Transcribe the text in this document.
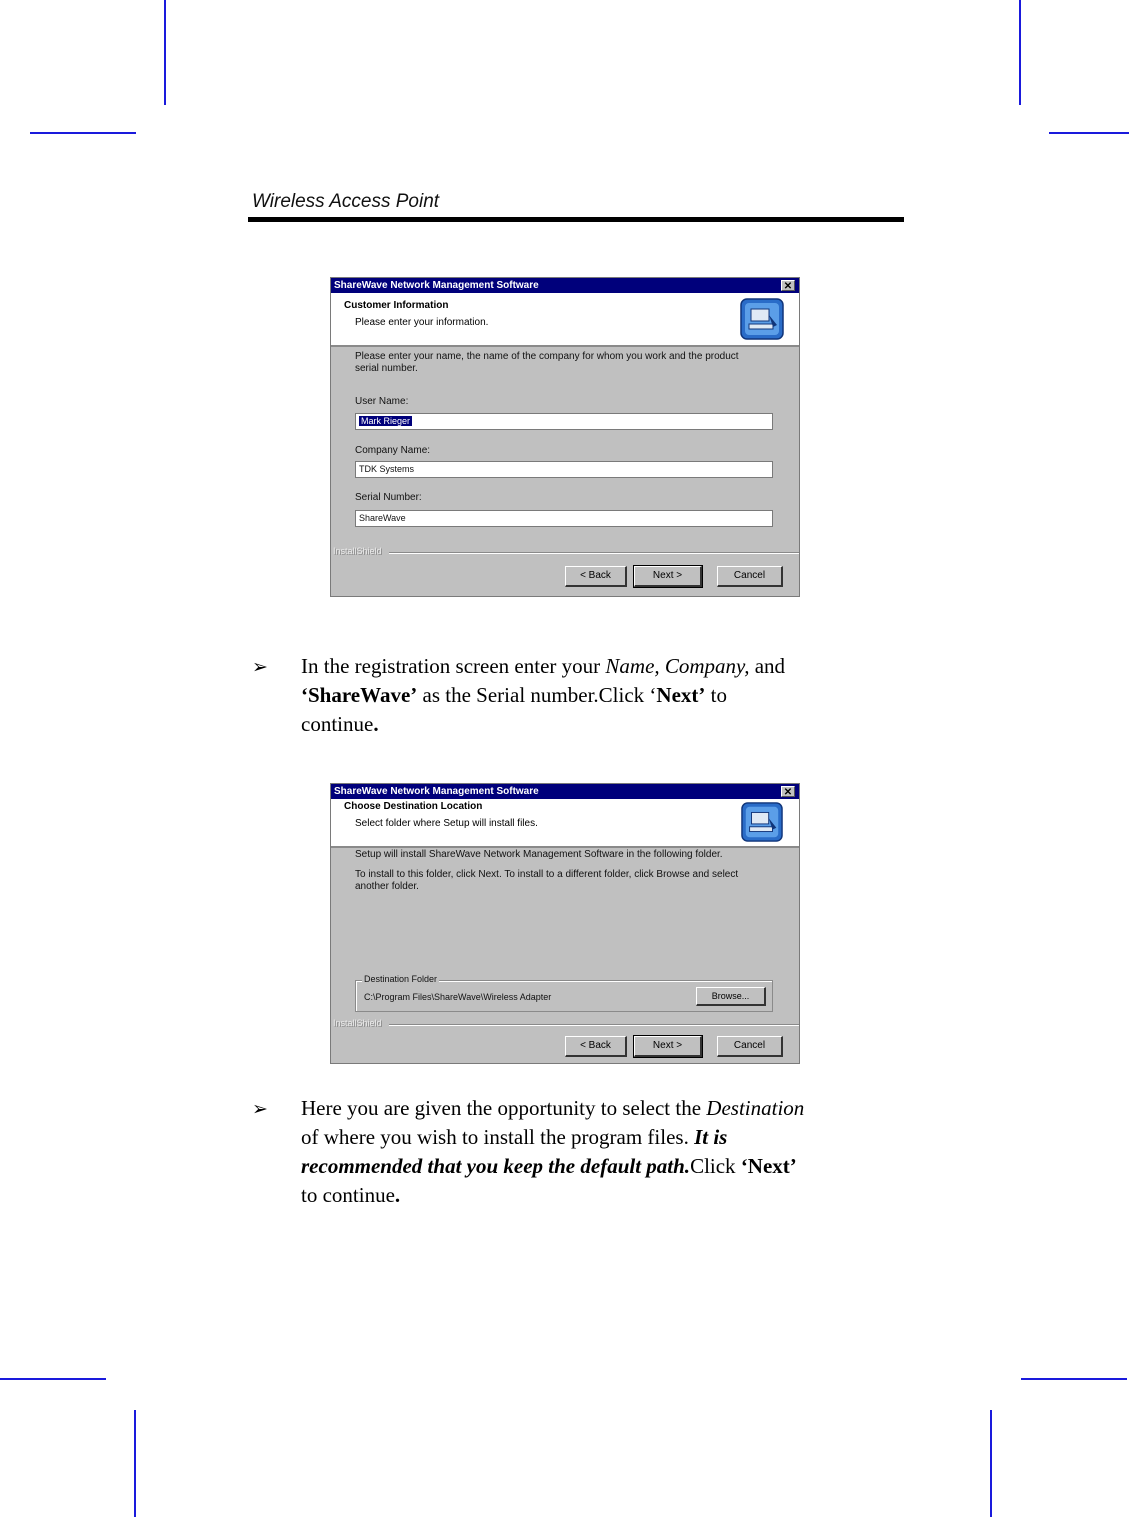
Wireless Access Point
ShareWave Network Management Software	✕
Customer Information
Please enter your information.
Please enter your name, the name of the company for whom you work and the product
serial number.
User Name:
Mark Rieger
Company Name:
TDK Systems
Serial Number:
ShareWave
InstallShield
< Back	Next >	Cancel
➢ In the registration screen enter your Name, Company, and

‘ShareWave’ as the Serial number.Click ‘Next’ to

continue.

ShareWave Network Management Software	✕
Choose Destination Location
Select folder where Setup will install files.
Setup will install ShareWave Network Management Software in the following folder.
To install to this folder, click Next. To install to a different folder, click Browse and select
another folder.
Destination Folder
C:\Program Files\ShareWave\Wireless Adapter	Browse...
InstallShield
< Back	Next >	Cancel
➢ Here you are given the opportunity to select the Destination

of where you wish to install the program files. It is

recommended that you keep the default path.Click ‘Next’

to continue.
